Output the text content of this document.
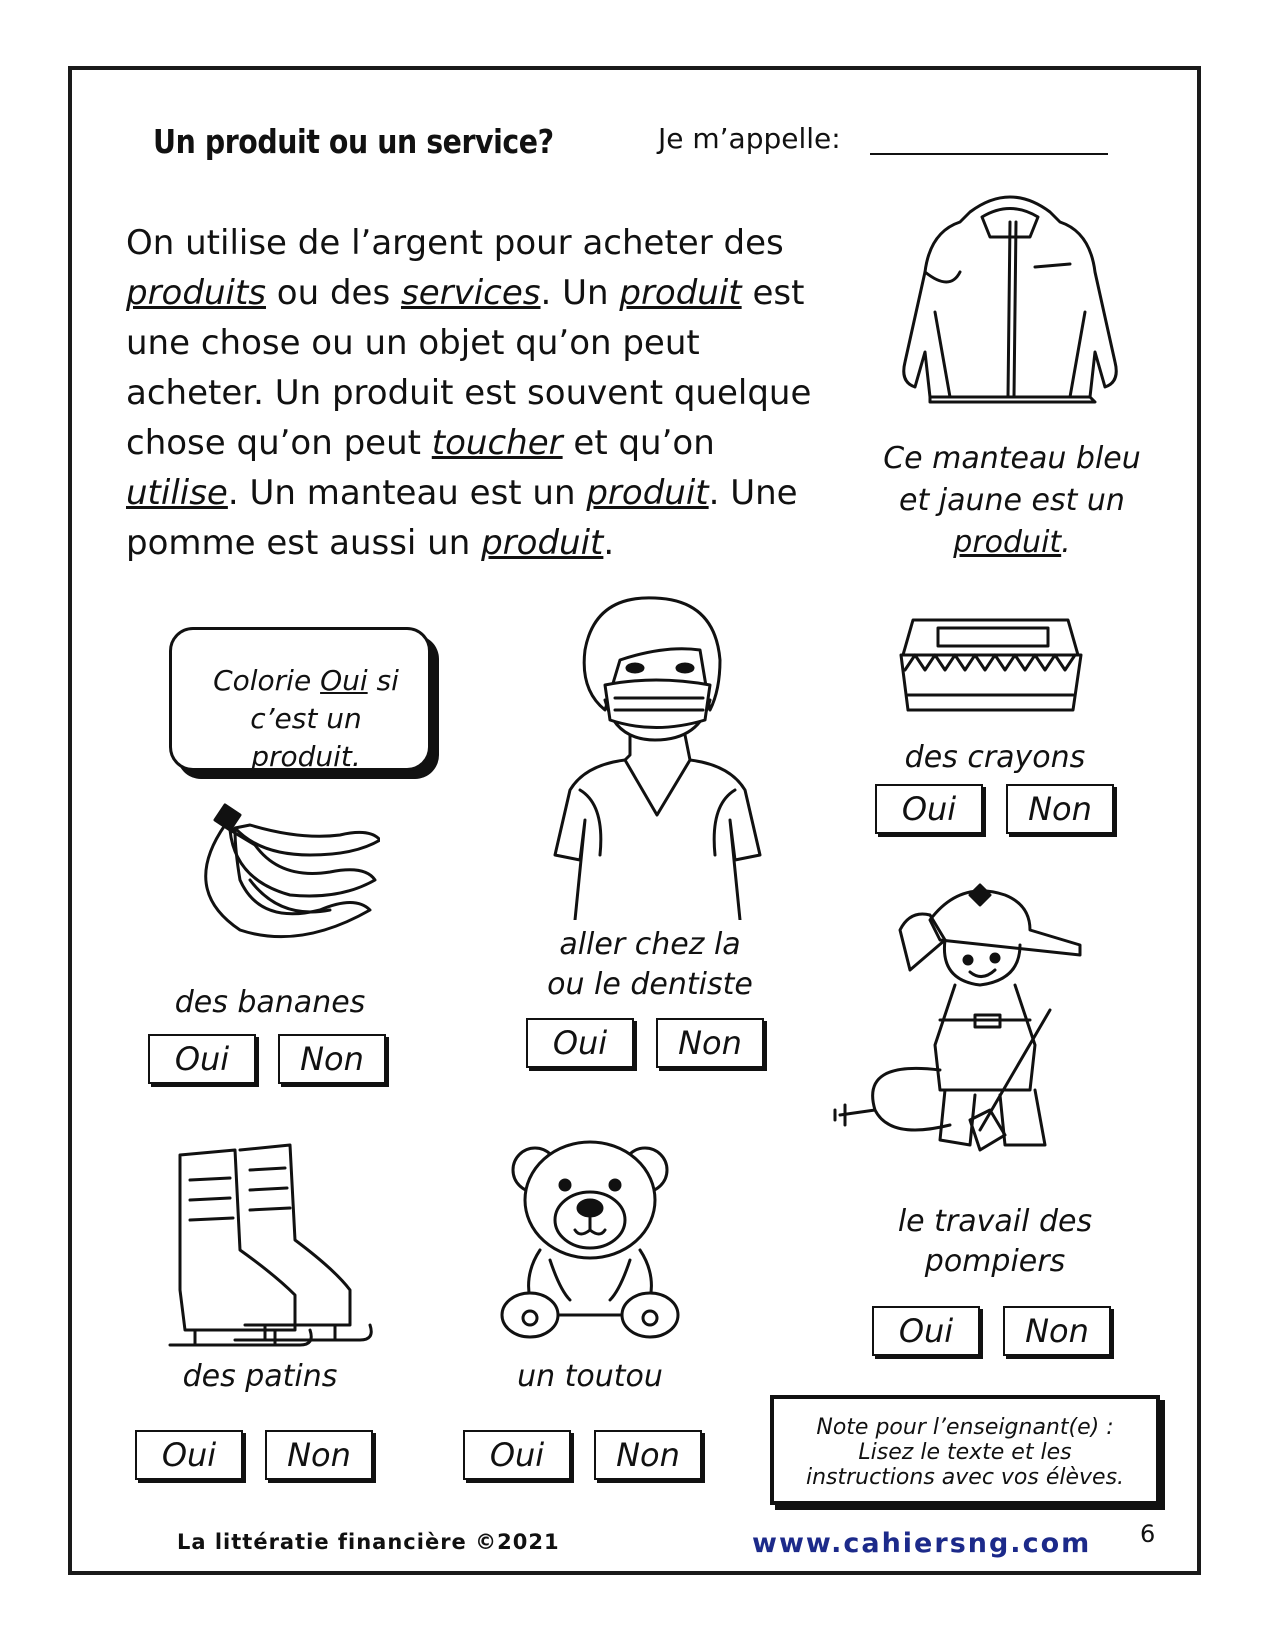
Un produit ou un service?	Je m’appelle:
On utilise de l’argent pour acheter des produits ou des services. Un produit est une chose ou un objet qu’on peut acheter. Un produit est souvent quelque chose qu’on peut toucher et qu’on utilise. Un manteau est un produit. Une pomme est aussi un produit.
Ce manteau bleu
et jaune est un
produit.
Colorie Oui si
c’est un produit.	des crayons
Oui	Non
aller chez la
ou le dentiste
Oui	Non
des bananes
Oui	Non
le travail des
pompiers
Oui	Non
des patins
Oui	Non
un toutou
Oui	Non
Note pour l’enseignant(e) :
Lisez le texte et les
instructions avec vos élèves.
La littératie financière ©2021	www.cahiersng.com 6
